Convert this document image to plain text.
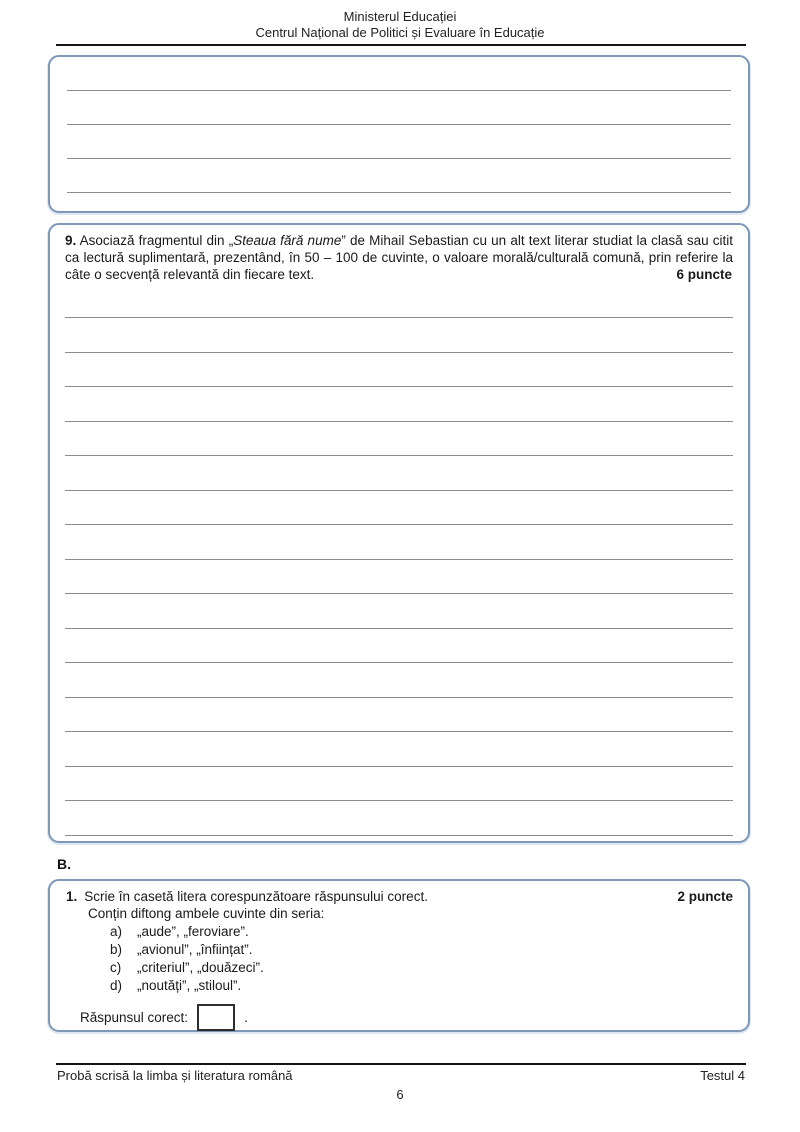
Ministerul Educației
Centrul Național de Politici și Evaluare în Educație

9. Asociază fragmentul din „Steaua fără nume” de Mihail Sebastian cu un alt text literar studiat la clasă sau citit ca lectură suplimentară, prezentând, în 50 – 100 de cuvinte, o valoare morală/culturală comună, prin referire la câte o secvență relevantă din fiecare text.	6 puncte

B.
1. Scrie în casetă litera corespunzătoare răspunsului corect.	2 puncte
Conțin diftong ambele cuvinte din seria:
a)	„aude”, „feroviare”.
b)	„avionul”, „înființat”.
c)	„criteriul”, „douăzeci”.
d)	„noutăți”, „stiloul”.
Răspunsul corect:	.
Probă scrisă la limba și literatura română	Testul 4
6
